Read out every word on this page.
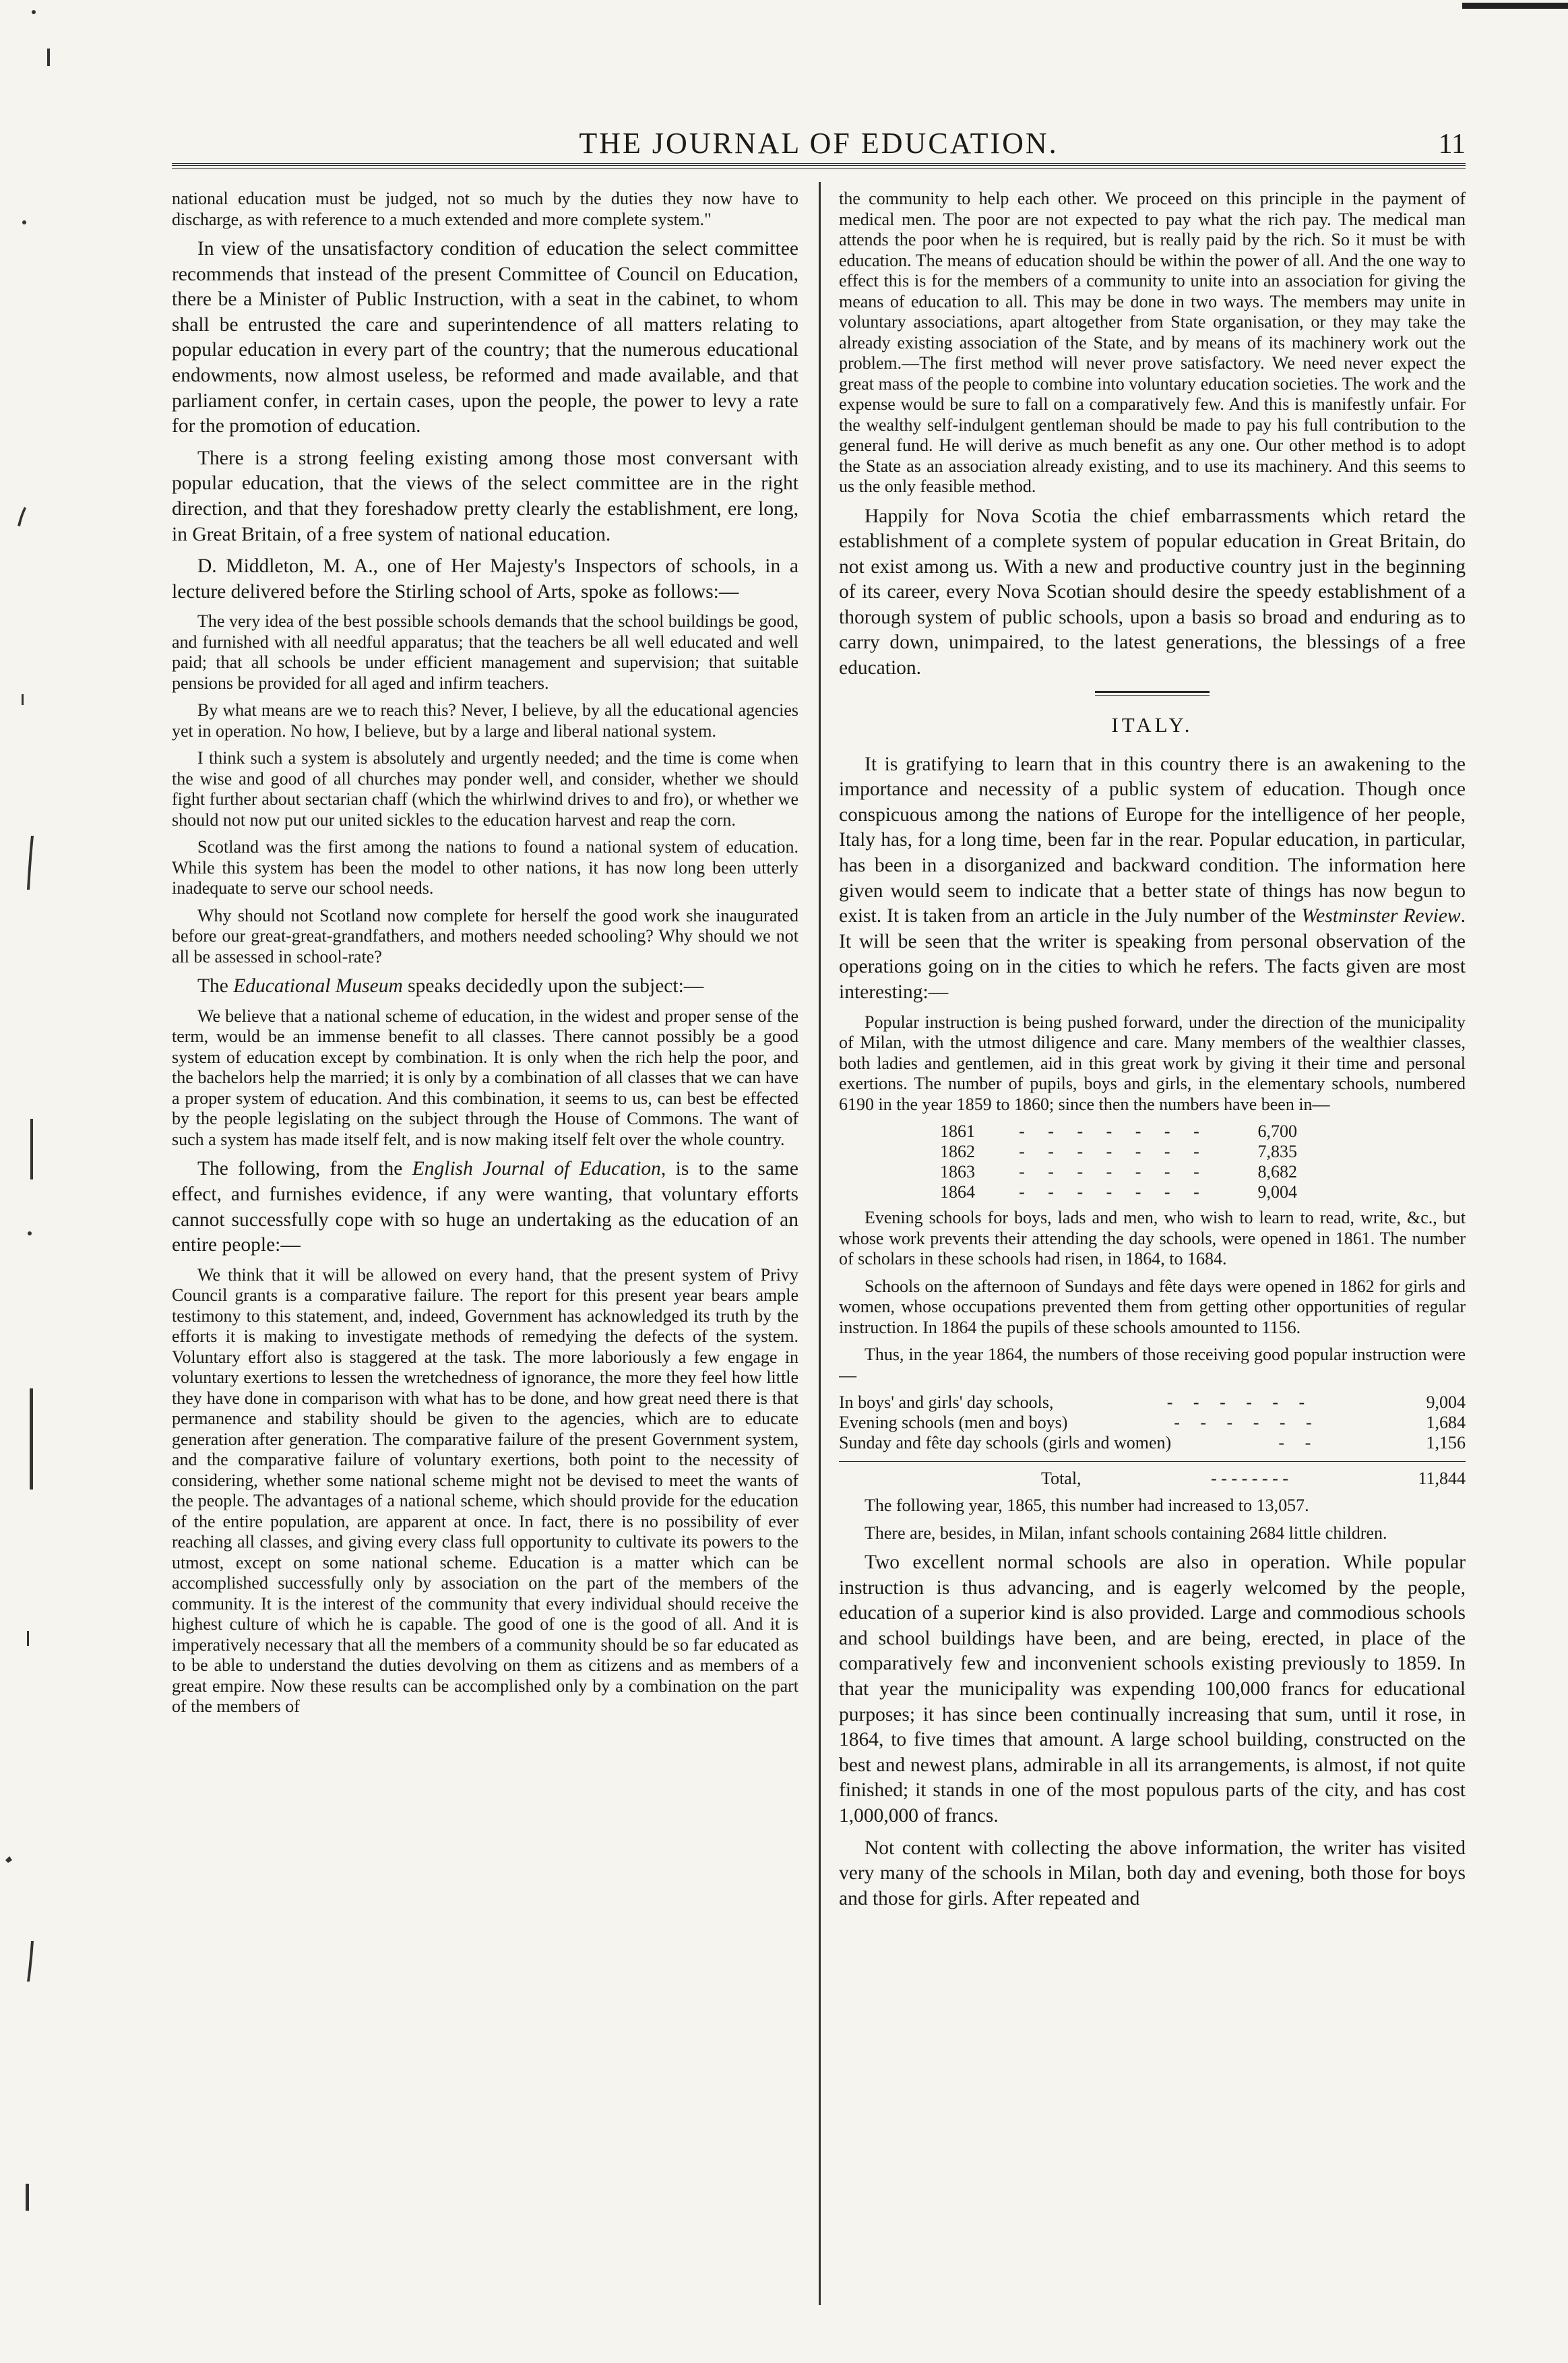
THE JOURNAL OF EDUCATION.	11

national education must be judged, not so much by the duties they now have to discharge, as with reference to a much extended and more complete system."

In view of the unsatisfactory condition of education the select committee recommends that instead of the present Committee of Council on Education, there be a Minister of Public Instruction, with a seat in the cabinet, to whom shall be entrusted the care and superintendence of all matters relating to popular education in every part of the country; that the numerous educational endowments, now almost useless, be reformed and made available, and that parliament confer, in certain cases, upon the people, the power to levy a rate for the promotion of education.

There is a strong feeling existing among those most conversant with popular education, that the views of the select committee are in the right direction, and that they foreshadow pretty clearly the establishment, ere long, in Great Britain, of a free system of national education.

D. Middleton, M. A., one of Her Majesty's Inspectors of schools, in a lecture delivered before the Stirling school of Arts, spoke as follows:—

The very idea of the best possible schools demands that the school buildings be good, and furnished with all needful apparatus; that the teachers be all well educated and well paid; that all schools be under efficient management and supervision; that suitable pensions be provided for all aged and infirm teachers.

By what means are we to reach this? Never, I believe, by all the educational agencies yet in operation. No how, I believe, but by a large and liberal national system.

I think such a system is absolutely and urgently needed; and the time is come when the wise and good of all churches may ponder well, and consider, whether we should fight further about sectarian chaff (which the whirlwind drives to and fro), or whether we should not now put our united sickles to the education harvest and reap the corn.

Scotland was the first among the nations to found a national system of education. While this system has been the model to other nations, it has now long been utterly inadequate to serve our school needs.

Why should not Scotland now complete for herself the good work she inaugurated before our great-great-grandfathers, and mothers needed schooling? Why should we not all be assessed in school-rate?

The Educational Museum speaks decidedly upon the subject:—

We believe that a national scheme of education, in the widest and proper sense of the term, would be an immense benefit to all classes. There cannot possibly be a good system of education except by combination. It is only when the rich help the poor, and the bachelors help the married; it is only by a combination of all classes that we can have a proper system of education. And this combination, it seems to us, can best be effected by the people legislating on the subject through the House of Commons. The want of such a system has made itself felt, and is now making itself felt over the whole country.

The following, from the English Journal of Education, is to the same effect, and furnishes evidence, if any were wanting, that voluntary efforts cannot successfully cope with so huge an undertaking as the education of an entire people:—

We think that it will be allowed on every hand, that the present system of Privy Council grants is a comparative failure. The report for this present year bears ample testimony to this statement, and, indeed, Government has acknowledged its truth by the efforts it is making to investigate methods of remedying the defects of the system. Voluntary effort also is staggered at the task. The more laboriously a few engage in voluntary exertions to lessen the wretchedness of ignorance, the more they feel how little they have done in comparison with what has to be done, and how great need there is that permanence and stability should be given to the agencies, which are to educate generation after generation. The comparative failure of the present Government system, and the comparative failure of voluntary exertions, both point to the necessity of considering, whether some national scheme might not be devised to meet the wants of the people. The advantages of a national scheme, which should provide for the education of the entire population, are apparent at once. In fact, there is no possibility of ever reaching all classes, and giving every class full opportunity to cultivate its powers to the utmost, except on some national scheme. Education is a matter which can be accomplished successfully only by association on the part of the members of the community. It is the interest of the community that every individual should receive the highest culture of which he is capable. The good of one is the good of all. And it is imperatively necessary that all the members of a community should be so far educated as to be able to understand the duties devolving on them as citizens and as members of a great empire. Now these results can be accomplished only by a combination on the part of the members of

the community to help each other. We proceed on this principle in the payment of medical men. The poor are not expected to pay what the rich pay. The medical man attends the poor when he is required, but is really paid by the rich. So it must be with education. The means of education should be within the power of all. And the one way to effect this is for the members of a community to unite into an association for giving the means of education to all. This may be done in two ways. The members may unite in voluntary associations, apart altogether from State organisation, or they may take the already existing association of the State, and by means of its machinery work out the problem.—The first method will never prove satisfactory. We need never expect the great mass of the people to combine into voluntary education societies. The work and the expense would be sure to fall on a comparatively few. And this is manifestly unfair. For the wealthy self-indulgent gentleman should be made to pay his full contribution to the general fund. He will derive as much benefit as any one. Our other method is to adopt the State as an association already existing, and to use its machinery. And this seems to us the only feasible method.

Happily for Nova Scotia the chief embarrassments which retard the establishment of a complete system of popular education in Great Britain, do not exist among us. With a new and productive country just in the beginning of its career, every Nova Scotian should desire the speedy establishment of a thorough system of public schools, upon a basis so broad and enduring as to carry down, unimpaired, to the latest generations, the blessings of a free education.

ITALY.

It is gratifying to learn that in this country there is an awakening to the importance and necessity of a public system of education. Though once conspicuous among the nations of Europe for the intelligence of her people, Italy has, for a long time, been far in the rear. Popular education, in particular, has been in a disorganized and backward condition. The information here given would seem to indicate that a better state of things has now begun to exist. It is taken from an article in the July number of the Westminster Review. It will be seen that the writer is speaking from personal observation of the operations going on in the cities to which he refers. The facts given are most interesting:—

Popular instruction is being pushed forward, under the direction of the municipality of Milan, with the utmost diligence and care. Many members of the wealthier classes, both ladies and gentlemen, aid in this great work by giving it their time and personal exertions. The number of pupils, boys and girls, in the elementary schools, numbered 6190 in the year 1859 to 1860; since then the numbers have been in—

1861	- - - - - - -	6,700
1862	- - - - - - -	7,835
1863	- - - - - - -	8,682
1864	- - - - - - -	9,004

Evening schools for boys, lads and men, who wish to learn to read, write, &c., but whose work prevents their attending the day schools, were opened in 1861. The number of scholars in these schools had risen, in 1864, to 1684.

Schools on the afternoon of Sundays and fête days were opened in 1862 for girls and women, whose occupations prevented them from getting other opportunities of regular instruction. In 1864 the pupils of these schools amounted to 1156.

Thus, in the year 1864, the numbers of those receiving good popular instruction were—

In boys' and girls' day schools,	- - - - - -	9,004
Evening schools (men and boys)	- - - - - -	1,684
Sunday and fête day schools (girls and women)	- -	1,156
Total,	- - - - - - - -	11,844

The following year, 1865, this number had increased to 13,057.

There are, besides, in Milan, infant schools containing 2684 little children.

Two excellent normal schools are also in operation. While popular instruction is thus advancing, and is eagerly welcomed by the people, education of a superior kind is also provided. Large and commodious schools and school buildings have been, and are being, erected, in place of the comparatively few and inconvenient schools existing previously to 1859. In that year the municipality was expending 100,000 francs for educational purposes; it has since been continually increasing that sum, until it rose, in 1864, to five times that amount. A large school building, constructed on the best and newest plans, admirable in all its arrangements, is almost, if not quite finished; it stands in one of the most populous parts of the city, and has cost 1,000,000 of francs.

Not content with collecting the above information, the writer has visited very many of the schools in Milan, both day and evening, both those for boys and those for girls. After repeated and
